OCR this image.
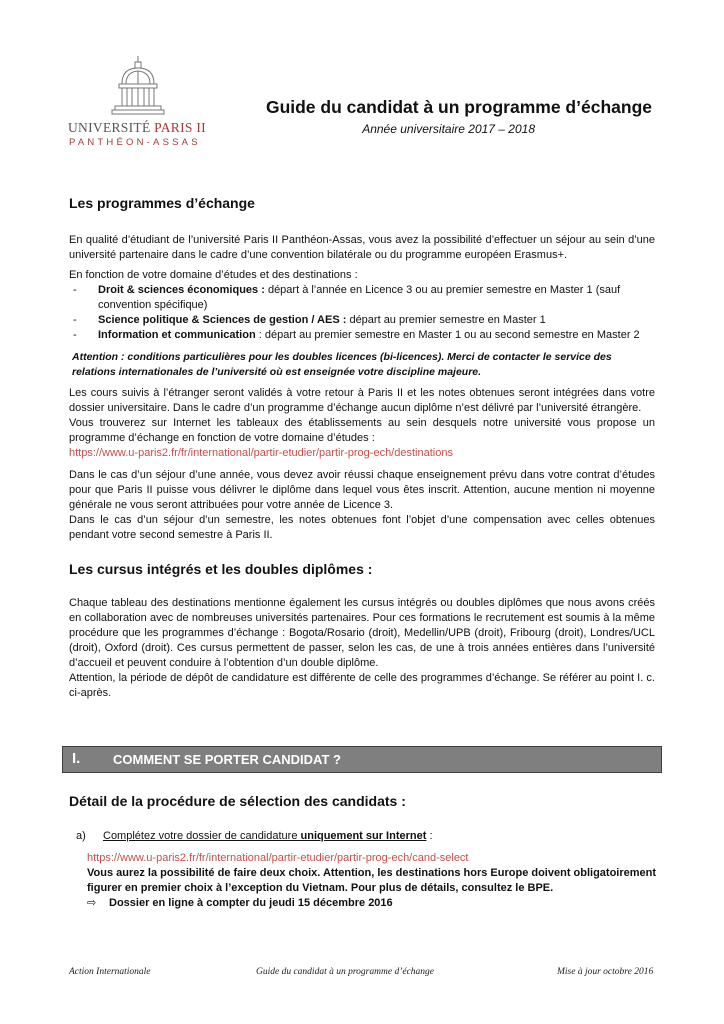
UNIVERSITÉ PARIS II
PANTHÉON-ASSAS
Guide du candidat à un programme d’échange
Année universitaire 2017 – 2018
Les programmes d’échange
En qualité d’étudiant de l’université Paris II Panthéon-Assas, vous avez la possibilité d’effectuer un séjour au sein d’une université partenaire dans le cadre d’une convention bilatérale ou du programme européen Erasmus+.
En fonction de votre domaine d’études et des destinations :
- Droit & sciences économiques : départ à l’année en Licence 3 ou au premier semestre en Master 1 (sauf convention spécifique)
- Science politique & Sciences de gestion / AES : départ au premier semestre en Master 1
- Information et communication : départ au premier semestre en Master 1 ou au second semestre en Master 2
Attention : conditions particulières pour les doubles licences (bi-licences). Merci de contacter le service des relations internationales de l’université où est enseignée votre discipline majeure.

Les cours suivis à l’étranger seront validés à votre retour à Paris II et les notes obtenues seront intégrées dans votre dossier universitaire. Dans le cadre d’un programme d’échange aucun diplôme n’est délivré par l’université étrangère.

Vous trouverez sur Internet les tableaux des établissements au sein desquels notre université vous propose un programme d’échange en fonction de votre domaine d’études :

https://www.u-paris2.fr/fr/international/partir-etudier/partir-prog-ech/destinations

Dans le cas d’un séjour d’une année, vous devez avoir réussi chaque enseignement prévu dans votre contrat d’études pour que Paris II puisse vous délivrer le diplôme dans lequel vous êtes inscrit. Attention, aucune mention ni moyenne générale ne vous seront attribuées pour votre année de Licence 3.

Dans le cas d’un séjour d’un semestre, les notes obtenues font l’objet d’une compensation avec celles obtenues pendant votre second semestre à Paris II.

Les cursus intégrés et les doubles diplômes :

Chaque tableau des destinations mentionne également les cursus intégrés ou doubles diplômes que nous avons créés en collaboration avec de nombreuses universités partenaires. Pour ces formations le recrutement est soumis à la même procédure que les programmes d’échange : Bogota/Rosario (droit), Medellin/UPB (droit), Fribourg (droit), Londres/UCL (droit), Oxford (droit). Ces cursus permettent de passer, selon les cas, de une à trois années entières dans l’université d’accueil et peuvent conduire à l’obtention d’un double diplôme.

Attention, la période de dépôt de candidature est différente de celle des programmes d’échange. Se référer au point I. c. ci-après.

I.	COMMENT SE PORTER CANDIDAT ?
Détail de la procédure de sélection des candidats :
a) Complétez votre dossier de candidature uniquement sur Internet :
https://www.u-paris2.fr/fr/international/partir-etudier/partir-prog-ech/cand-select
Vous aurez la possibilité de faire deux choix. Attention, les destinations hors Europe doivent obligatoirement figurer en premier choix à l’exception du Vietnam. Pour plus de détails, consultez le BPE.
⇨ Dossier en ligne à compter du jeudi 15 décembre 2016
Action Internationale	Guide du candidat à un programme d’échange	Mise à jour octobre 2016
